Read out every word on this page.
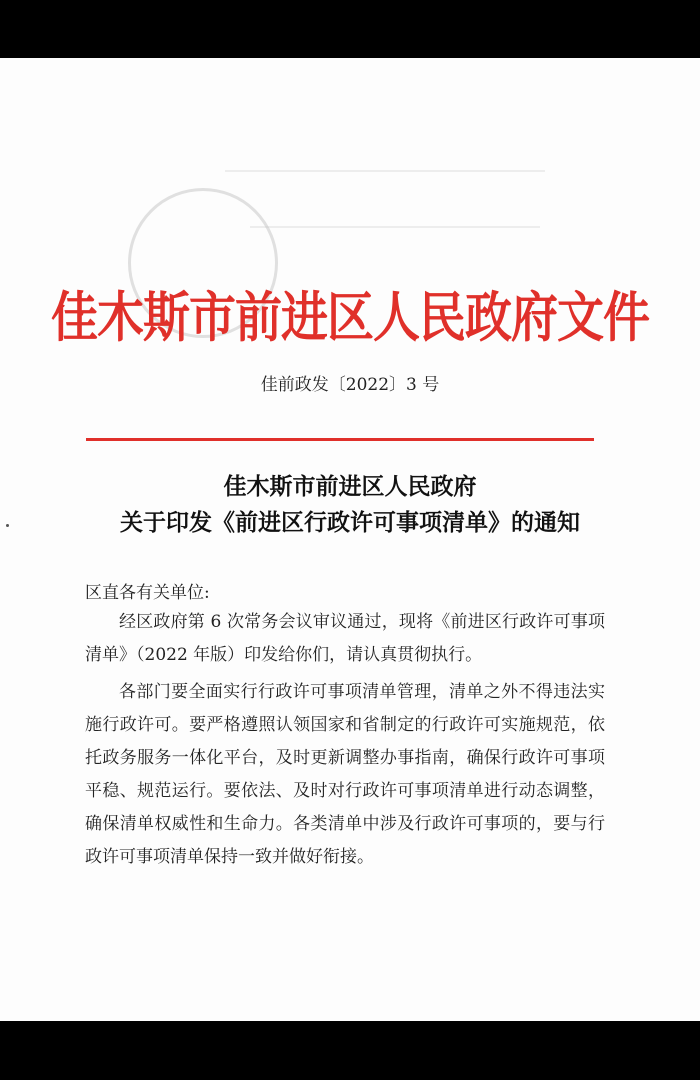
佳木斯市前进区人民政府文件
佳前政发〔2022〕3 号
佳木斯市前进区人民政府
关于印发《前进区行政许可事项清单》的通知
区直各有关单位:
经区政府第 6 次常务会议审议通过，现将《前进区行政许可事项清单》（2022 年版）印发给你们，请认真贯彻执行。
各部门要全面实行行政许可事项清单管理，清单之外不得违法实施行政许可。要严格遵照认领国家和省制定的行政许可实施规范，依托政务服务一体化平台，及时更新调整办事指南，确保行政许可事项平稳、规范运行。要依法、及时对行政许可事项清单进行动态调整，确保清单权威性和生命力。各类清单中涉及行政许可事项的，要与行政许可事项清单保持一致并做好衔接。
